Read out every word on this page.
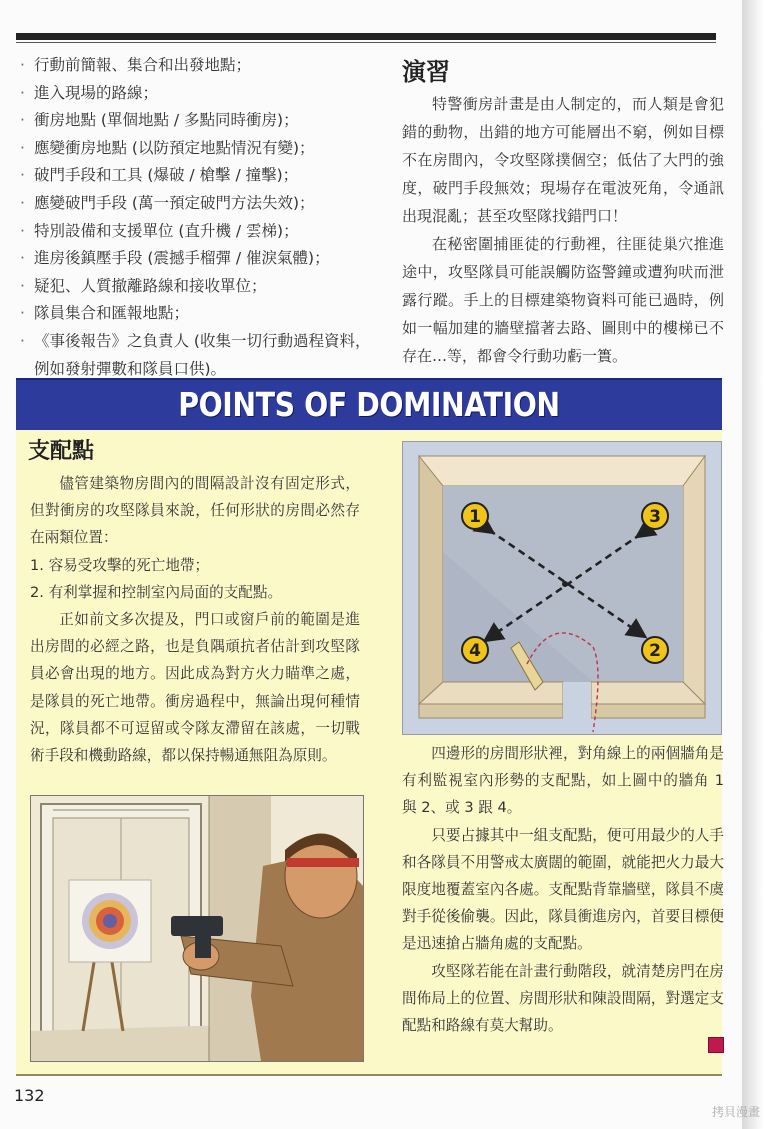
· 行動前簡報、集合和出發地點；
· 進入現場的路線；
· 衝房地點 (單個地點 / 多點同時衝房)；
· 應變衝房地點 (以防預定地點情況有變)；
· 破門手段和工具 (爆破 / 槍擊 / 撞擊)；
· 應變破門手段 (萬一預定破門方法失效)；
· 特別設備和支援單位 (直升機 / 雲梯)；
· 進房後鎮壓手段 (震撼手榴彈 / 催淚氣體)；
· 疑犯、人質撤離路線和接收單位；
· 隊員集合和匯報地點；
· 《事後報告》之負責人 (收集一切行動過程資料，例如發射彈數和隊員口供)。
演習

特警衝房計畫是由人制定的，而人類是會犯錯的動物，出錯的地方可能層出不窮，例如目標不在房間內，令攻堅隊撲個空；低估了大門的強度，破門手段無效；現場存在電波死角，令通訊出現混亂；甚至攻堅隊找錯門口！

在秘密圍捕匪徒的行動裡，往匪徒巢穴推進途中，攻堅隊員可能誤觸防盜警鐘或遭狗吠而泄露行蹤。手上的目標建築物資料可能已過時，例如一幅加建的牆壁擋著去路、圖則中的樓梯已不存在…等，都會令行動功虧一簣。

POINTS OF DOMINATION
支配點

儘管建築物房間內的間隔設計沒有固定形式，但對衝房的攻堅隊員來說，任何形狀的房間必然存在兩類位置：

1. 容易受攻擊的死亡地帶；

2. 有利掌握和控制室內局面的支配點。

正如前文多次提及，門口或窗戶前的範圍是進出房間的必經之路，也是負隅頑抗者估計到攻堅隊員必會出現的地方。因此成為對方火力瞄準之處，是隊員的死亡地帶。衝房過程中，無論出現何種情況，隊員都不可逗留或令隊友滯留在該處，一切戰術手段和機動路線，都以保持暢通無阻為原則。

1	3
4	2

四邊形的房間形狀裡，對角線上的兩個牆角是有利監視室內形勢的支配點，如上圖中的牆角 1 與 2、或 3 跟 4。

只要占據其中一組支配點，便可用最少的人手和各隊員不用警戒太廣闊的範圍，就能把火力最大限度地覆蓋室內各處。支配點背靠牆壁，隊員不虞對手從後偷襲。因此，隊員衝進房內，首要目標便是迅速搶占牆角處的支配點。

攻堅隊若能在計畫行動階段，就清楚房門在房間佈局上的位置、房間形狀和陳設間隔，對選定支配點和路線有莫大幫助。

132
拷貝漫畫
